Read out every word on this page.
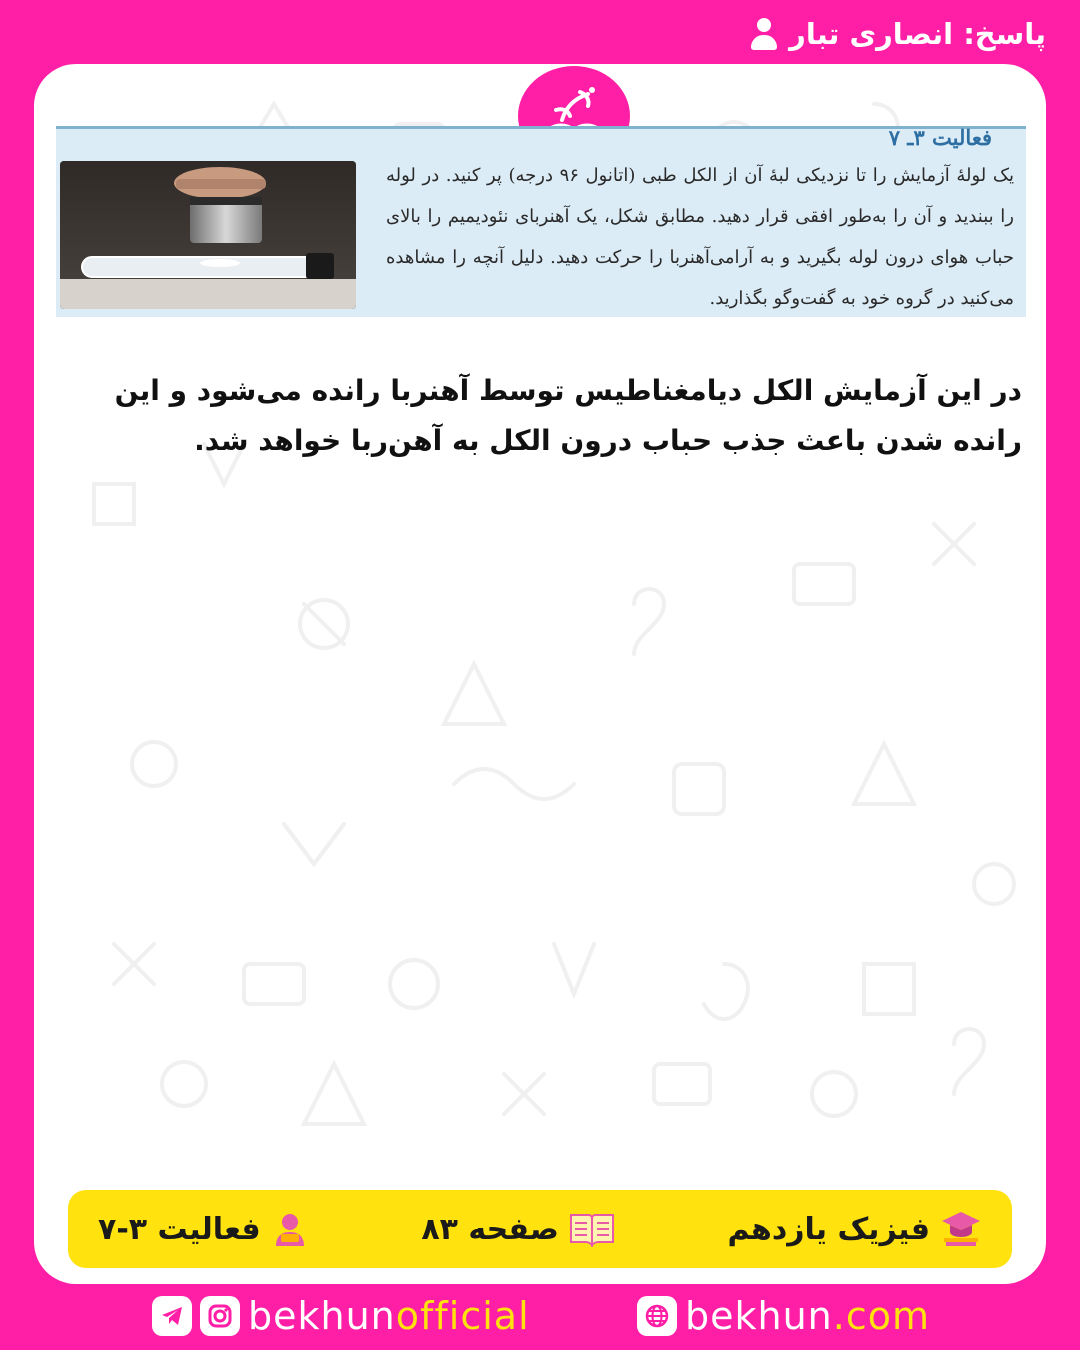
پاسخ: انصاری تبار
فعالیت ۳ـ ۷
یک لولهٔ آزمایش را تا نزدیکی لبهٔ آن از الکل طبی (اتانول ۹۶ درجه) پر کنید. در لوله را ببندید و آن را به‌طور افقی قرار دهید. مطابق شکل، یک آهنربای نئودیمیم را بالای حباب هوای درون لوله بگیرید و به آرامی‌آهنربا را حرکت دهید. دلیل آنچه را مشاهده می‌کنید در گروه خود به گفت‌وگو بگذارید.
در این آزمایش الکل دیامغناطیس توسط آهنربا رانده می‌شود و این رانده شدن باعث جذب حباب درون الکل به آهن‌ربا خواهد شد.
فعالیت ۳-۷	صفحه ۸۳	فیزیک یازدهم
bekhunofficial	bekhun.com
